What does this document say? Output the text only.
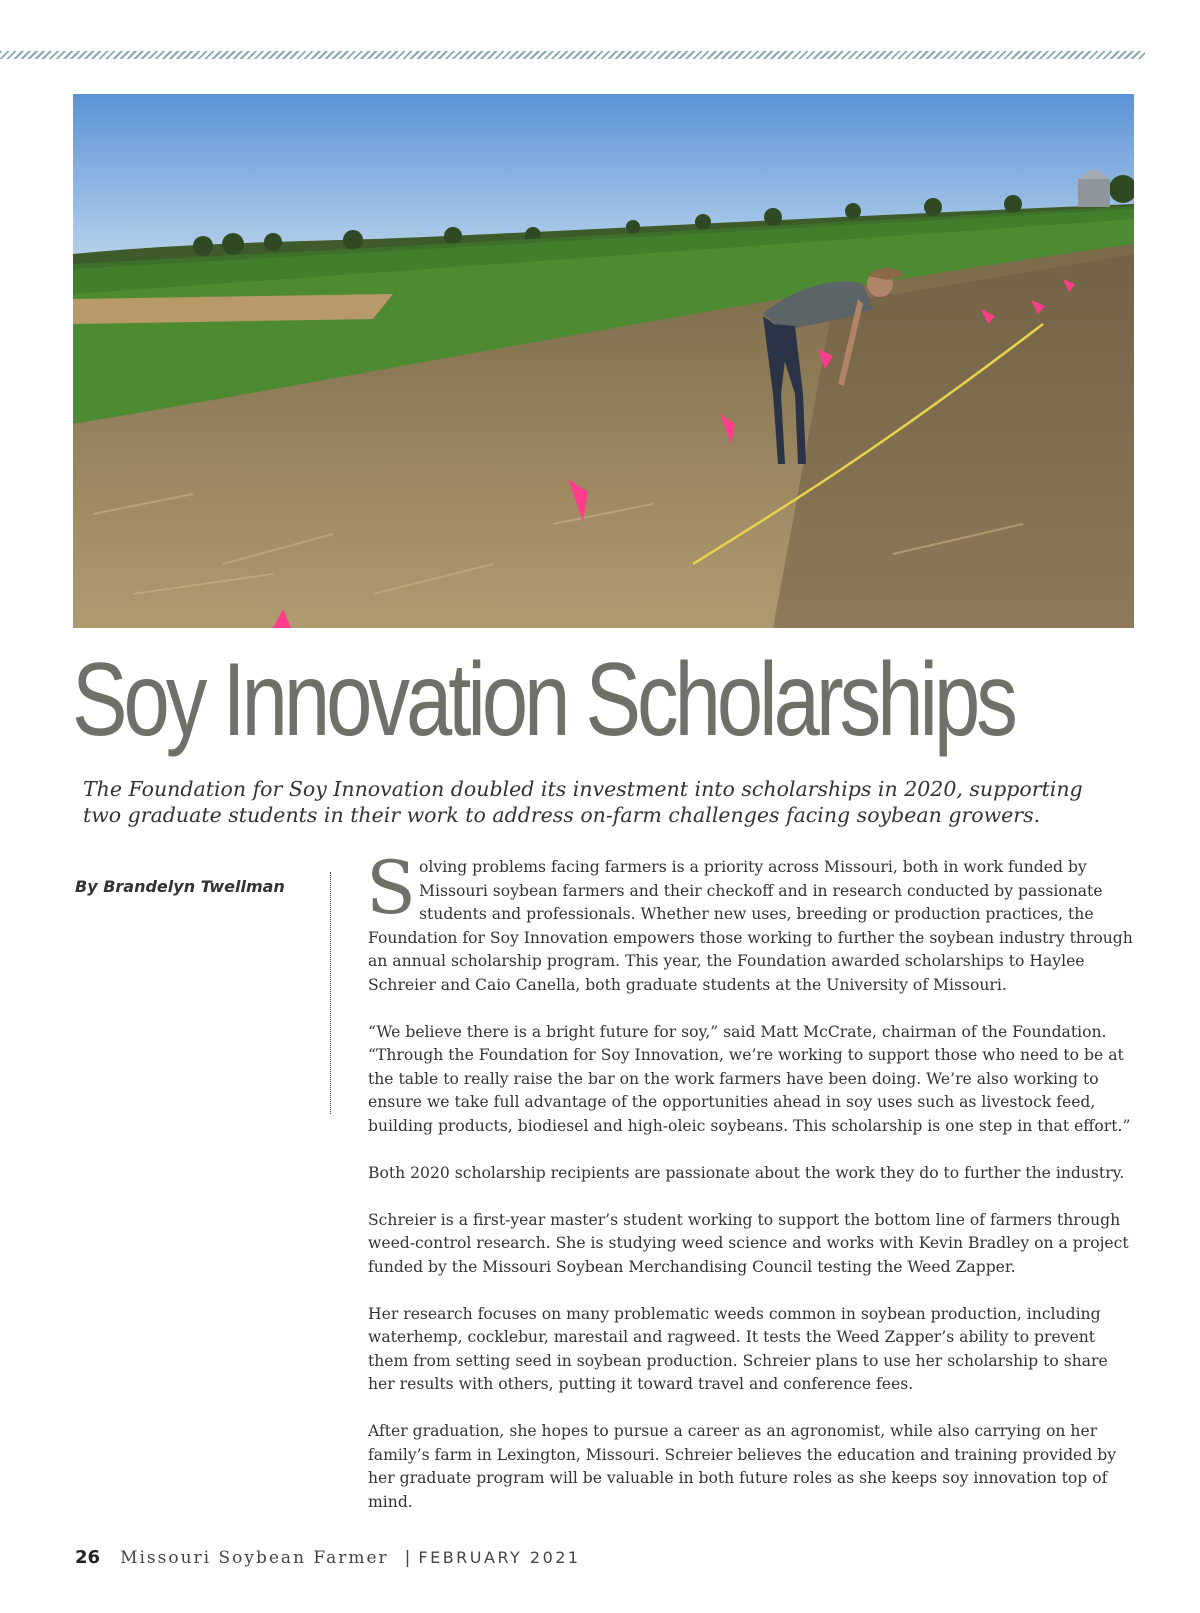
Soy Innovation Scholarships

The Foundation for Soy Innovation doubled its investment into scholarships in 2020, supporting two graduate students in their work to address on-farm challenges facing soybean growers.

By Brandelyn Twellman Solving problems facing farmers is a priority across Missouri, both in work funded by Missouri soybean farmers and their checkoff and in research conducted by passionate students and professionals. Whether new uses, breeding or production practices, the Foundation for Soy Innovation empowers those working to further the soybean industry through an annual scholarship program. This year, the Foundation awarded scholarships to Haylee Schreier and Caio Canella, both graduate students at the University of Missouri.

“We believe there is a bright future for soy,” said Matt McCrate, chairman of the Foundation. “Through the Foundation for Soy Innovation, we’re working to support those who need to be at the table to really raise the bar on the work farmers have been doing. We’re also working to ensure we take full advantage of the opportunities ahead in soy uses such as livestock feed, building products, biodiesel and high-oleic soybeans. This scholarship is one step in that effort.”

Both 2020 scholarship recipients are passionate about the work they do to further the industry.

Schreier is a first-year master’s student working to support the bottom line of farmers through weed-control research. She is studying weed science and works with Kevin Bradley on a project funded by the Missouri Soybean Merchandising Council testing the Weed Zapper.

Her research focuses on many problematic weeds common in soybean production, including waterhemp, cocklebur, marestail and ragweed. It tests the Weed Zapper’s ability to prevent them from setting seed in soybean production. Schreier plans to use her scholarship to share her results with others, putting it toward travel and conference fees.

After graduation, she hopes to pursue a career as an agronomist, while also carrying on her family’s farm in Lexington, Missouri. Schreier believes the education and training provided by her graduate program will be valuable in both future roles as she keeps soy innovation top of mind.

26 Missouri Soybean Farmer | FEBRUARY 2021
